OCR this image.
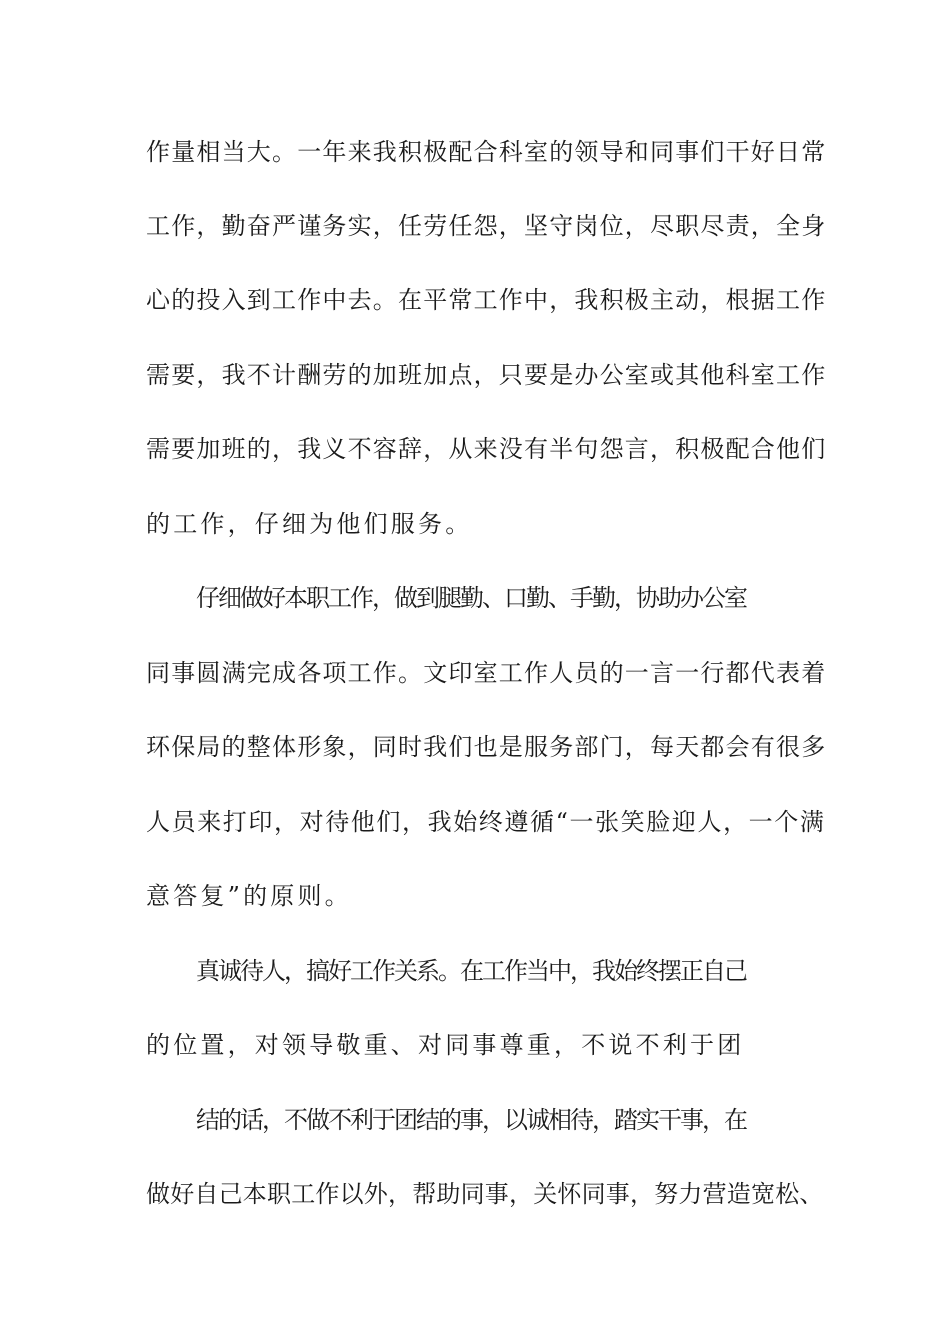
作量相当大。一年来我积极配合科室的领导和同事们干好日常
工作，勤奋严谨务实，任劳任怨，坚守岗位，尽职尽责，全身
心的投入到工作中去。在平常工作中，我积极主动，根据工作
需要，我不计酬劳的加班加点，只要是办公室或其他科室工作
需要加班的，我义不容辞，从来没有半句怨言，积极配合他们
的工作，仔细为他们服务。
仔细做好本职工作，做到腿勤、口勤、手勤，协助办公室
同事圆满完成各项工作。文印室工作人员的一言一行都代表着
环保局的整体形象，同时我们也是服务部门，每天都会有很多
人员来打印，对待他们，我始终遵循“一张笑脸迎人，一个满
意答复”的原则。
真诚待人，搞好工作关系。在工作当中，我始终摆正自己
的位置，对领导敬重、对同事尊重，不说不利于团
结的话，不做不利于团结的事，以诚相待，踏实干事，在
做好自己本职工作以外，帮助同事，关怀同事，努力营造宽松、
